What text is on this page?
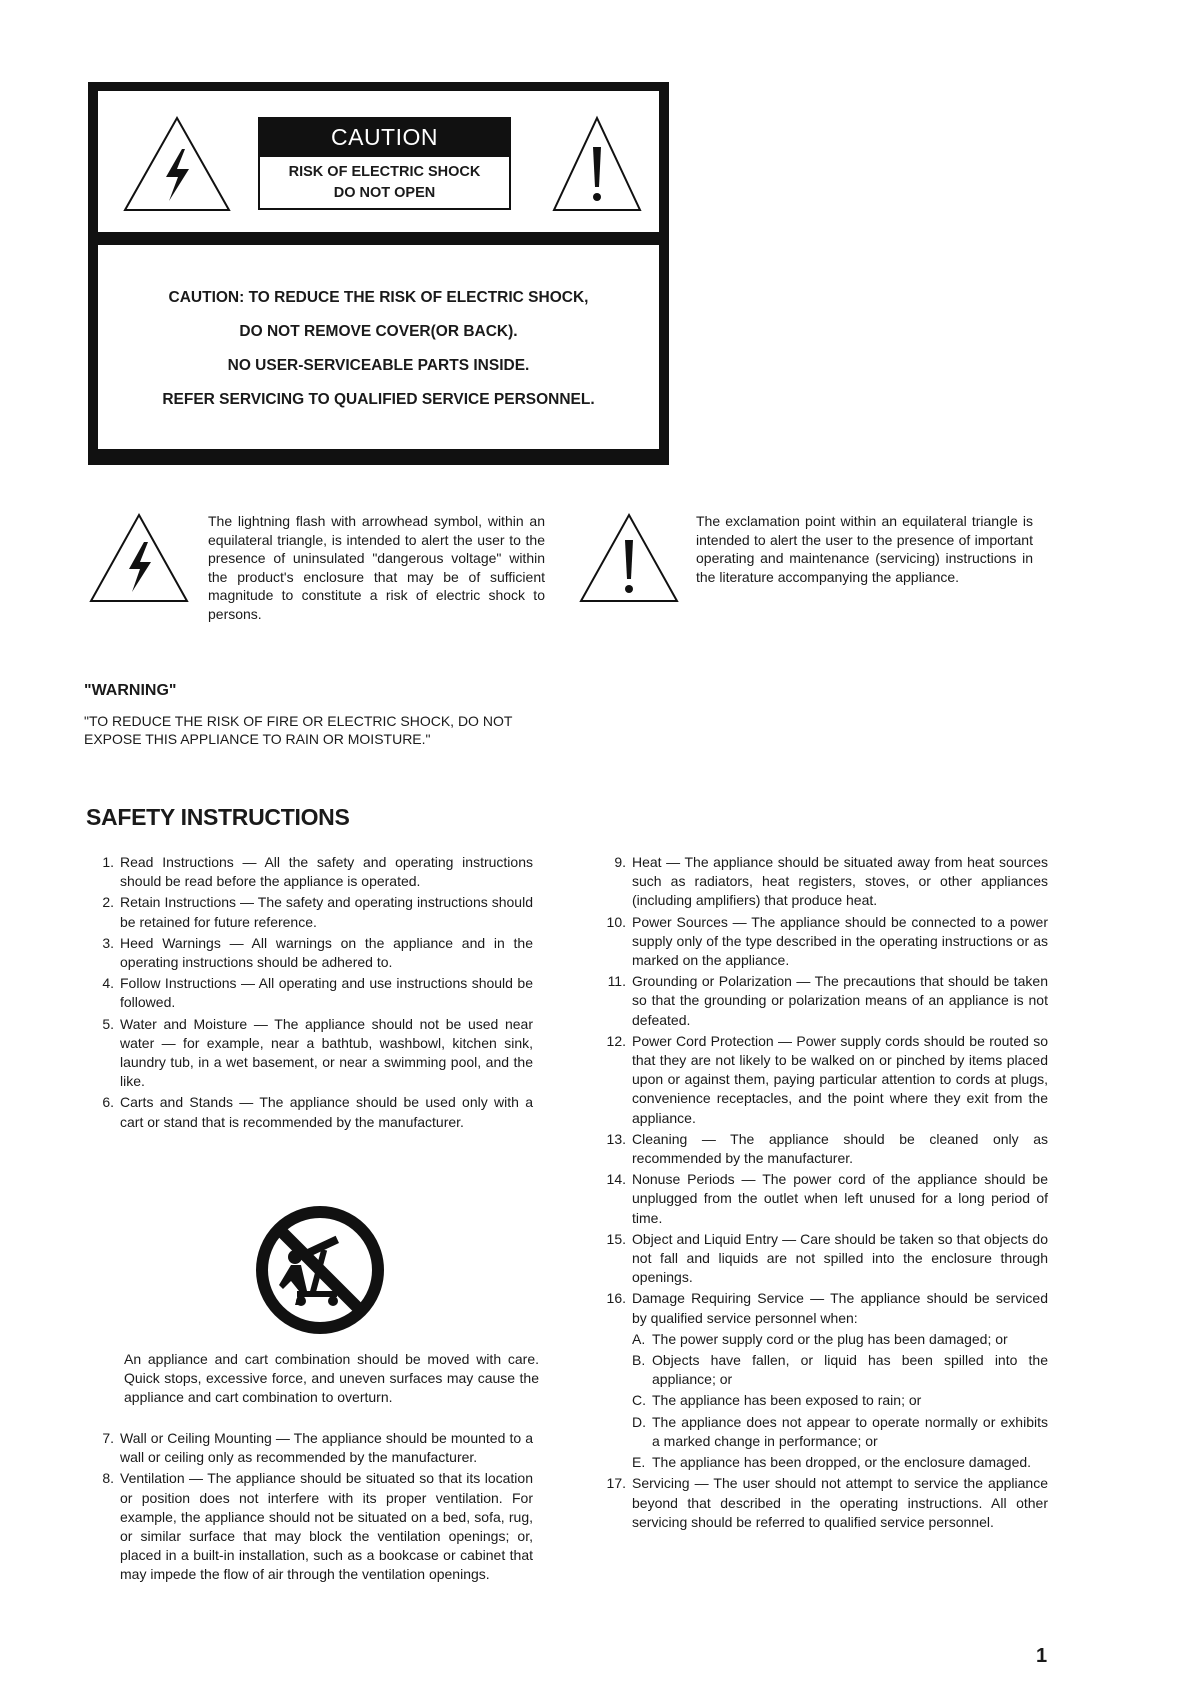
CAUTION
RISK OF ELECTRIC SHOCK
DO NOT OPEN
CAUTION: TO REDUCE THE RISK OF ELECTRIC SHOCK,
DO NOT REMOVE COVER(OR BACK).
NO USER-SERVICEABLE PARTS INSIDE.
REFER SERVICING TO QUALIFIED SERVICE PERSONNEL.
The lightning flash with arrowhead symbol, within an equilateral triangle, is intended to alert the user to the presence of uninsulated "dangerous voltage" within the product's enclosure that may be of sufficient magnitude to constitute a risk of electric shock to persons.
The exclamation point within an equilateral triangle is intended to alert the user to the presence of important operating and maintenance (servicing) instructions in the literature accompanying the appliance.
"WARNING"
"TO REDUCE THE RISK OF FIRE OR ELECTRIC SHOCK, DO NOT EXPOSE THIS APPLIANCE TO RAIN OR MOISTURE."
SAFETY INSTRUCTIONS
1. Read Instructions — All the safety and operating instructions should be read before the appliance is operated.
2. Retain Instructions — The safety and operating instructions should be retained for future reference.
3. Heed Warnings — All warnings on the appliance and in the operating instructions should be adhered to.
4. Follow Instructions — All operating and use instructions should be followed.
5. Water and Moisture — The appliance should not be used near water — for example, near a bathtub, washbowl, kitchen sink, laundry tub, in a wet basement, or near a swimming pool, and the like.
6. Carts and Stands — The appliance should be used only with a cart or stand that is recommended by the manufacturer.
An appliance and cart combination should be moved with care. Quick stops, excessive force, and uneven surfaces may cause the appliance and cart combination to overturn.
7. Wall or Ceiling Mounting — The appliance should be mounted to a wall or ceiling only as recommended by the manufacturer.
8. Ventilation — The appliance should be situated so that its location or position does not interfere with its proper ventilation. For example, the appliance should not be situated on a bed, sofa, rug, or similar surface that may block the ventilation openings; or, placed in a built-in installation, such as a bookcase or cabinet that may impede the flow of air through the ventilation openings.
9. Heat — The appliance should be situated away from heat sources such as radiators, heat registers, stoves, or other appliances (including amplifiers) that produce heat.
10. Power Sources — The appliance should be connected to a power supply only of the type described in the operating instructions or as marked on the appliance.
11. Grounding or Polarization — The precautions that should be taken so that the grounding or polarization means of an appliance is not defeated.
12. Power Cord Protection — Power supply cords should be routed so that they are not likely to be walked on or pinched by items placed upon or against them, paying particular attention to cords at plugs, convenience receptacles, and the point where they exit from the appliance.
13. Cleaning — The appliance should be cleaned only as recommended by the manufacturer.
14. Nonuse Periods — The power cord of the appliance should be unplugged from the outlet when left unused for a long period of time.
15. Object and Liquid Entry — Care should be taken so that objects do not fall and liquids are not spilled into the enclosure through openings.
16. Damage Requiring Service — The appliance should be serviced by qualified service personnel when:
A. The power supply cord or the plug has been damaged; or
B. Objects have fallen, or liquid has been spilled into the appliance; or
C. The appliance has been exposed to rain; or
D. The appliance does not appear to operate normally or exhibits a marked change in performance; or
E. The appliance has been dropped, or the enclosure damaged.
17. Servicing — The user should not attempt to service the appliance beyond that described in the operating instructions. All other servicing should be referred to qualified service personnel.
1
